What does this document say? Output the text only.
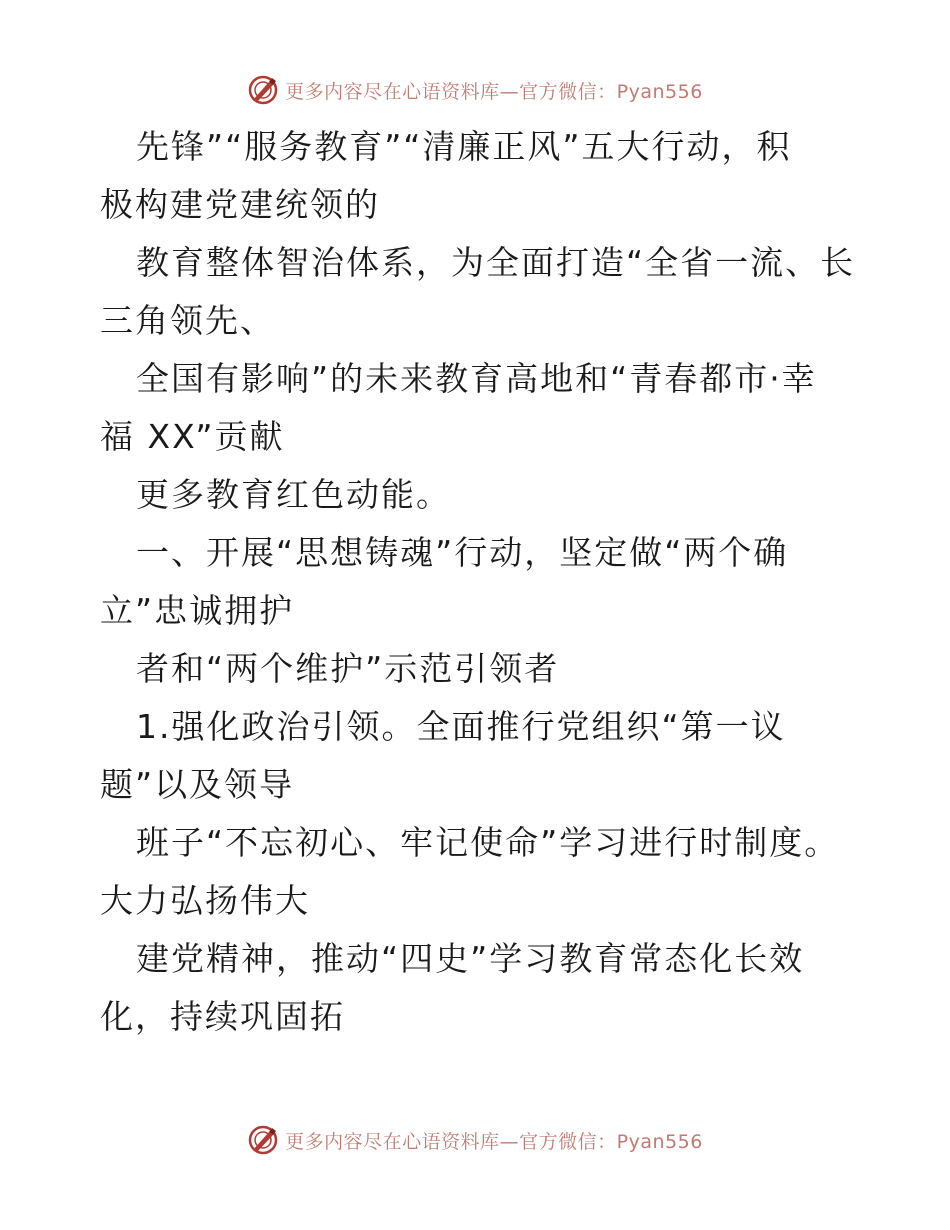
更多内容尽在心语资料库—官方微信：Pyan556
先锋”“服务教育”“清廉正风”五大行动，积
极构建党建统领的
教育整体智治体系，为全面打造“全省一流、长
三角领先、
全国有影响”的未来教育高地和“青春都市·幸
福 XX”贡献
更多教育红色动能。
一、开展“思想铸魂”行动，坚定做“两个确
立”忠诚拥护
者和“两个维护”示范引领者
1.强化政治引领。全面推行党组织“第一议
题”以及领导
班子“不忘初心、牢记使命”学习进行时制度。
大力弘扬伟大
建党精神，推动“四史”学习教育常态化长效
化，持续巩固拓
更多内容尽在心语资料库—官方微信：Pyan556
